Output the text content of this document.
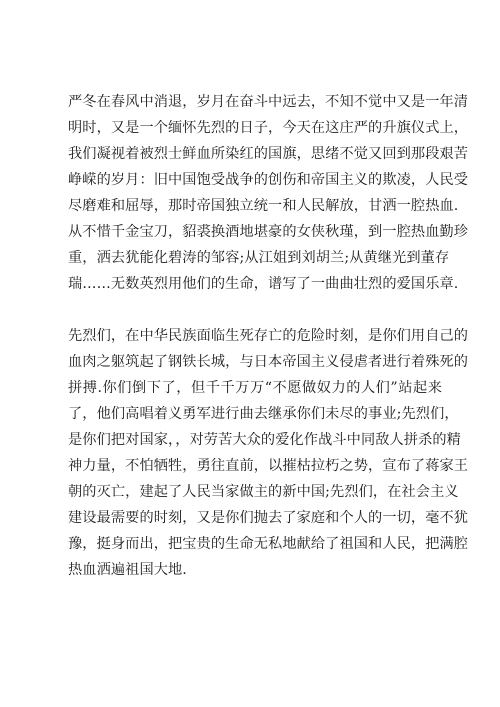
严冬在春风中消退，岁月在奋斗中远去，不知不觉中又是一年清
明时，又是一个缅怀先烈的日子，今天在这庄严的升旗仪式上，
我们凝视着被烈士鲜血所染红的国旗，思绪不觉又回到那段艰苦
峥嵘的岁月：旧中国饱受战争的创伤和帝国主义的欺凌，人民受
尽磨难和屈辱，那时帝国独立统一和人民解放，甘洒一腔热血.
从不惜千金宝刀，貂裘换酒地堪豪的女侠秋瑾，到一腔热血勤珍
重，洒去犹能化碧涛的邹容;从江姐到刘胡兰;从黄继光到董存
瑞……无数英烈用他们的生命，谱写了一曲曲壮烈的爱国乐章.
先烈们，在中华民族面临生死存亡的危险时刻，是你们用自己的
血肉之躯筑起了钢铁长城，与日本帝国主义侵虐者进行着殊死的
拼搏.你们倒下了，但千千万万“不愿做奴力的人们”站起来
了，他们高唱着义勇军进行曲去继承你们未尽的事业;先烈们，
是你们把对国家，，对劳苦大众的爱化作战斗中同敌人拼杀的精
神力量，不怕牺牲，勇往直前，以摧枯拉朽之势，宣布了蒋家王
朝的灭亡，建起了人民当家做主的新中国;先烈们，在社会主义
建设最需要的时刻，又是你们抛去了家庭和个人的一切，毫不犹
豫，挺身而出，把宝贵的生命无私地献给了祖国和人民，把满腔
热血洒遍祖国大地.
